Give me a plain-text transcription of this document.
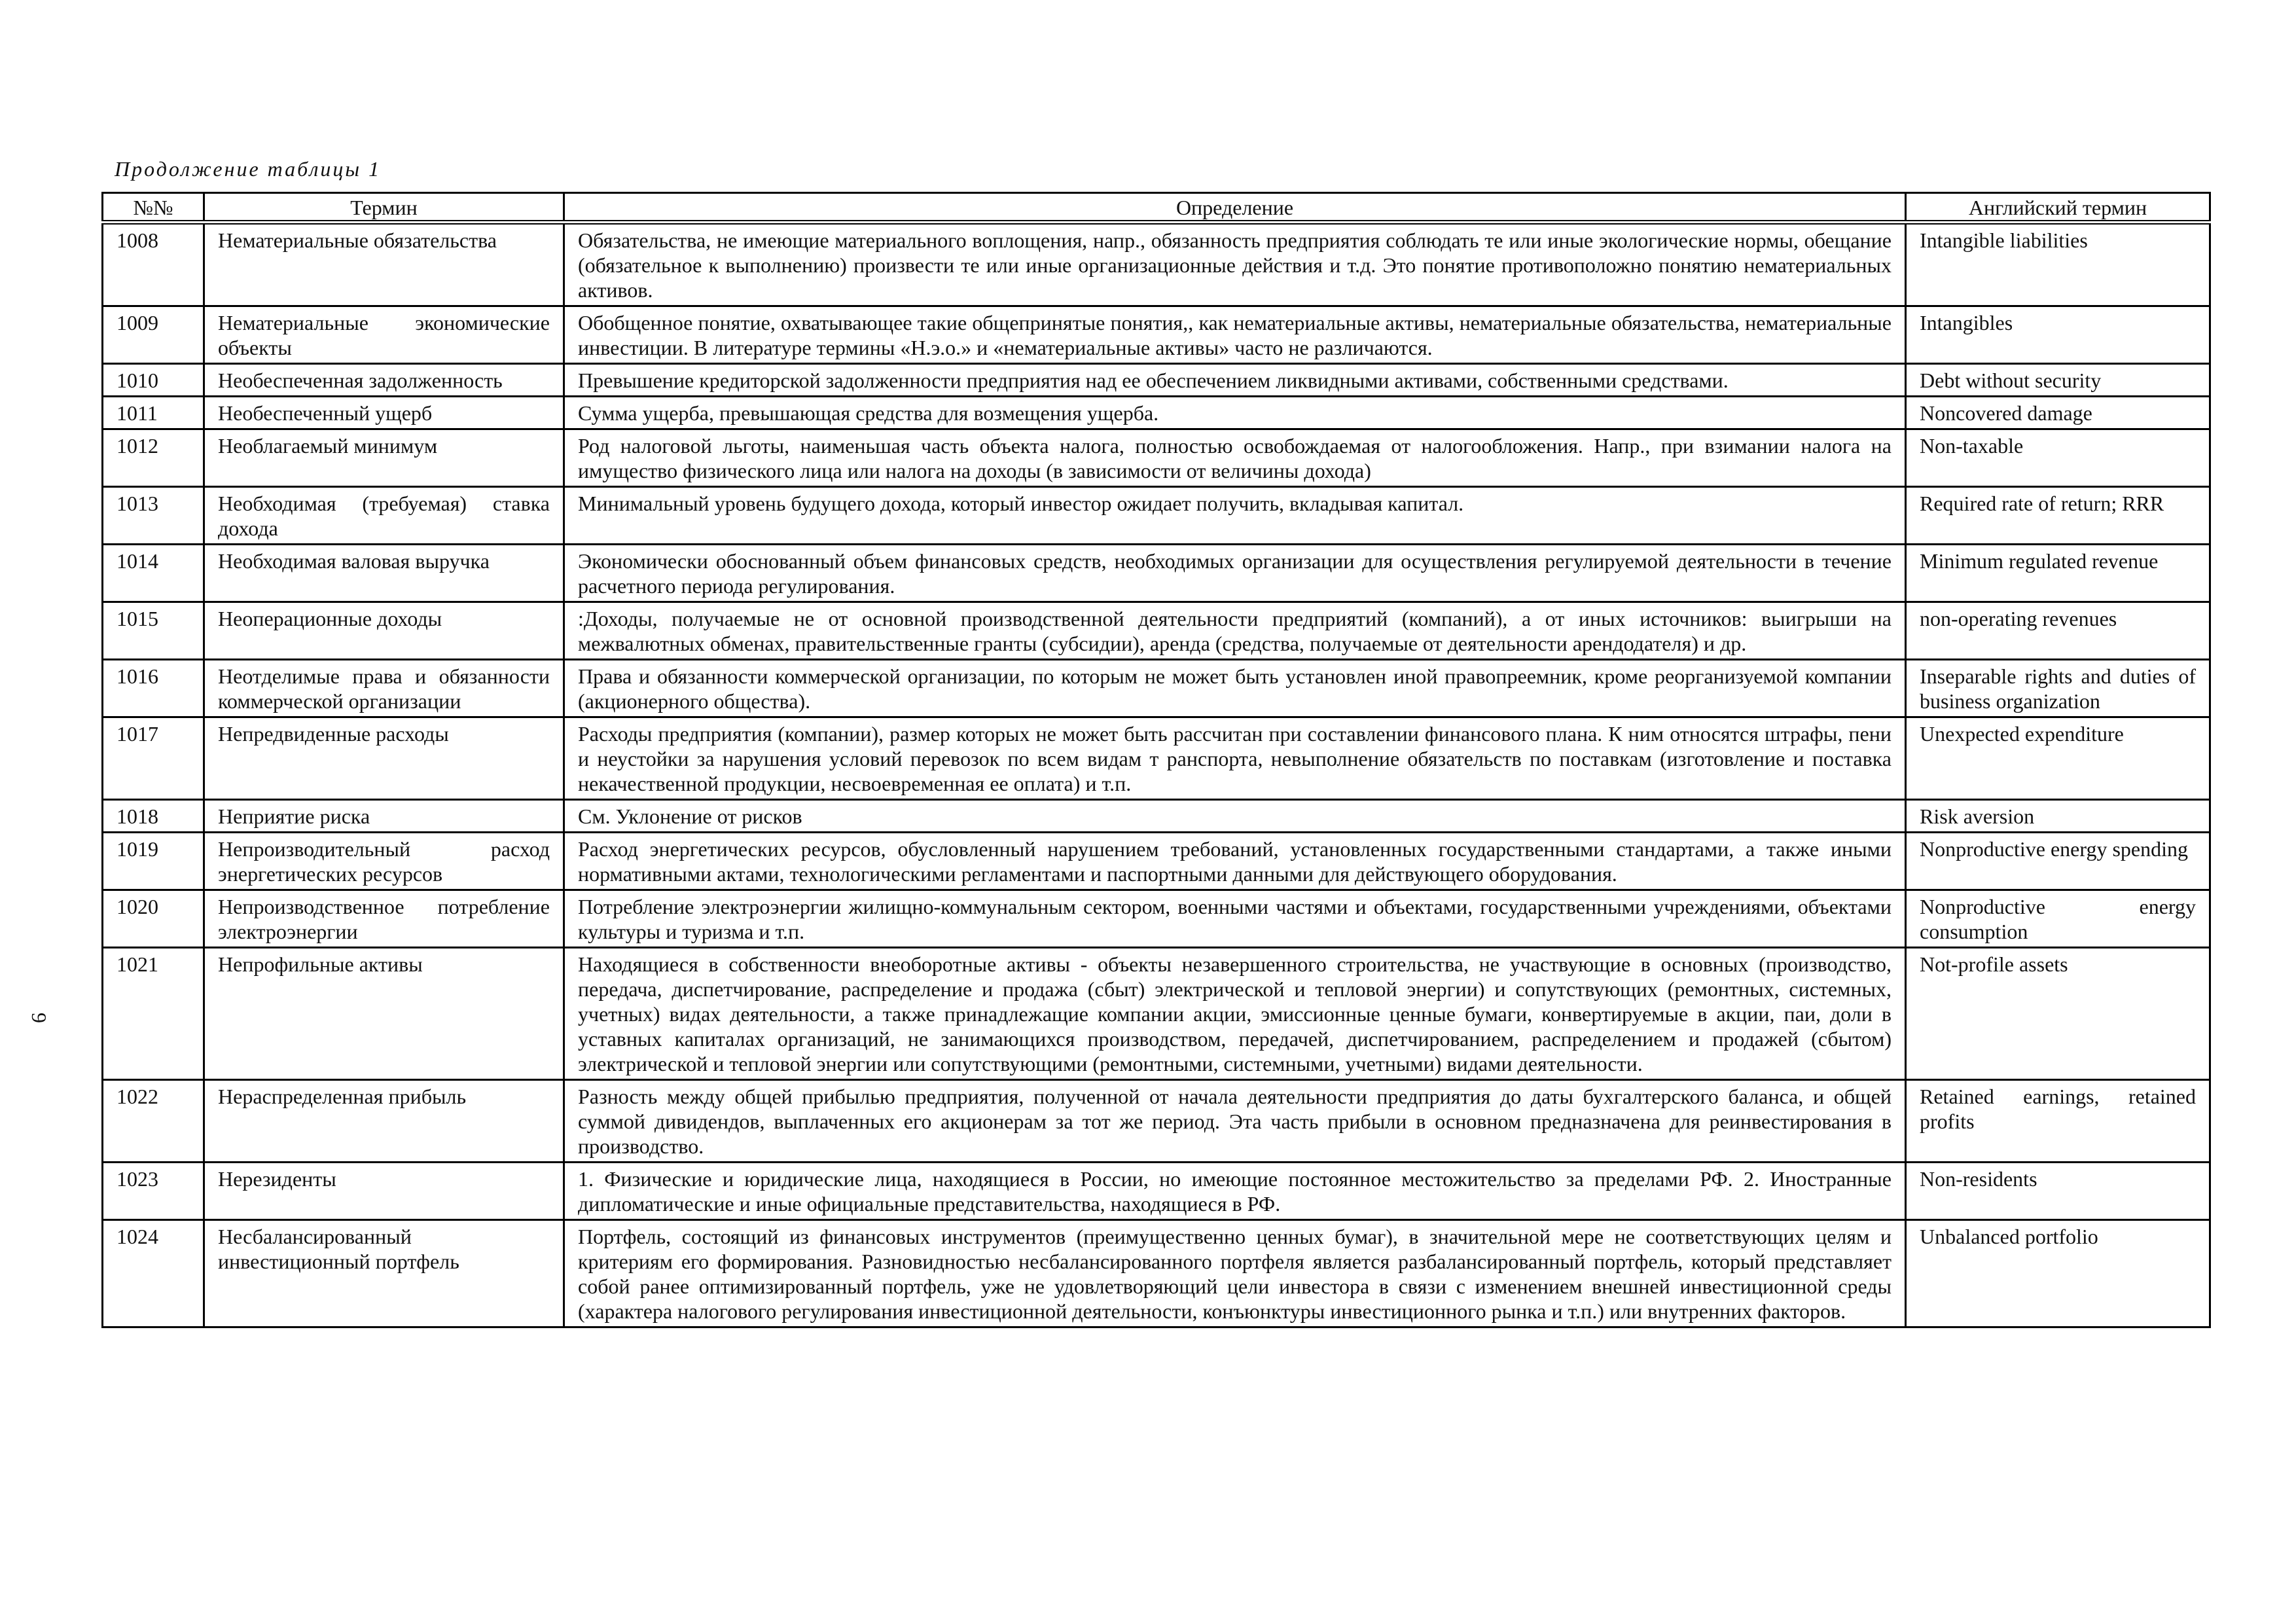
Продолжение таблицы 1
9
№№	Термин	Определение	Английский термин
1008	Нематериальные обязательства	Обязательства, не имеющие материального воплощения, напр., обязанность предприятия соблюдать те или иные экологические нормы, обещание (обязательное к выполнению) произвести те или иные организационные действия и т.д. Это понятие противоположно понятию нематериальных активов.	Intangible liabilities
1009	Нематериальные экономические объекты	Обобщенное понятие, охватывающее такие общепринятые понятия,, как нематериальные активы, нематериальные обязательства, нематериальные инвестиции. В литературе термины «Н.э.о.» и «нематериальные активы» часто не различаются.	Intangibles
1010	Необеспеченная задолженность	Превышение кредиторской задолженности предприятия над ее обеспечением ликвидными активами, собственными средствами.	Debt without security
1011	Необеспеченный ущерб	Сумма ущерба, превышающая средства для возмещения ущерба.	Noncovered damage
1012	Необлагаемый минимум	Род налоговой льготы, наименьшая часть объекта налога, полностью освобождаемая от налогообложения. Напр., при взимании налога на имущество физического лица или налога на доходы (в зависимости от величины дохода)	Non-taxable
1013	Необходимая (требуемая) ставка дохода	Минимальный уровень будущего дохода, который инвестор ожидает получить, вкладывая капитал.	Required rate of return; RRR
1014	Необходимая валовая выручка	Экономически обоснованный объем финансовых средств, необходимых организации для осуществления регулируемой деятельности в течение расчетного периода регулирования.	Minimum regulated revenue
1015	Неоперационные доходы	:Доходы, получаемые не от основной производственной деятельности предприятий (компаний), а от иных источников: выигрыши на межвалютных обменах, правительственные гранты (субсидии), аренда (средства, получаемые от деятельности арендодателя) и др.	non-operating revenues
1016	Неотделимые права и обязанности коммерческой организации	Права и обязанности коммерческой организации, по которым не может быть установлен иной правопреемник, кроме реорганизуемой компании (акционерного общества).	Inseparable rights and duties of business organization
1017	Непредвиденные расходы	Расходы предприятия (компании), размер которых не может быть рассчитан при составлении финансового плана. К ним относятся штрафы, пени и неустойки за нарушения условий перевозок по всем видам т ранспорта, невыполнение обязательств по поставкам (изготовление и поставка некачественной продукции, несвоевременная ее оплата) и т.п.	Unexpected expenditure
1018	Неприятие риска	См. Уклонение от рисков	Risk aversion
1019	Непроизводительный расход энергетических ресурсов	Расход энергетических ресурсов, обусловленный нарушением требований, установленных государственными стандартами, а также иными нормативными актами, технологическими регламентами и паспортными данными для действующего оборудования.	Nonproductive energy spending
1020	Непроизводственное потребление электроэнергии	Потребление электроэнергии жилищно-коммунальным сектором, военными частями и объектами, государственными учреждениями, объектами культуры и туризма и т.п.	Nonproductive energy consumption
1021	Непрофильные активы	Находящиеся в собственности внеоборотные активы - объекты незавершенного строительства, не участвующие в основных (производство, передача, диспетчирование, распределение и продажа (сбыт) электрической и тепловой энергии) и сопутствующих (ремонтных, системных, учетных) видах деятельности, а также принадлежащие компании акции, эмиссионные ценные бумаги, конвертируемые в акции, паи, доли в уставных капиталах организаций, не занимающихся производством, передачей, диспетчированием, распределением и продажей (сбытом) электрической и тепловой энергии или сопутствующими (ремонтными, системными, учетными) видами деятельности.	Not-profile assets
1022	Нераспределенная прибыль	Разность между общей прибылью предприятия, полученной от начала деятельности предприятия до даты бухгалтерского баланса, и общей суммой дивидендов, выплаченных его акционерам за тот же период. Эта часть прибыли в основном предназначена для реинвестирования в производство.	Retained earnings, retained profits
1023	Нерезиденты	1. Физические и юридические лица, находящиеся в России, но имеющие постоянное местожительство за пределами РФ. 2. Иностранные дипломатические и иные официальные представительства, находящиеся в РФ.	Non-residents
1024	Несбалансированный инвестиционный портфель	Портфель, состоящий из финансовых инструментов (преимущественно ценных бумаг), в значительной мере не соответствующих целям и критериям его формирования. Разновидностью несбалансированного портфеля является разбалансированный портфель, который представляет собой ранее оптимизированный портфель, уже не удовлетворяющий цели инвестора в связи с изменением внешней инвестиционной среды (характера налогового регулирования инвестиционной деятельности, конъюнктуры инвестиционного рынка и т.п.) или внутренних факторов.	Unbalanced portfolio
